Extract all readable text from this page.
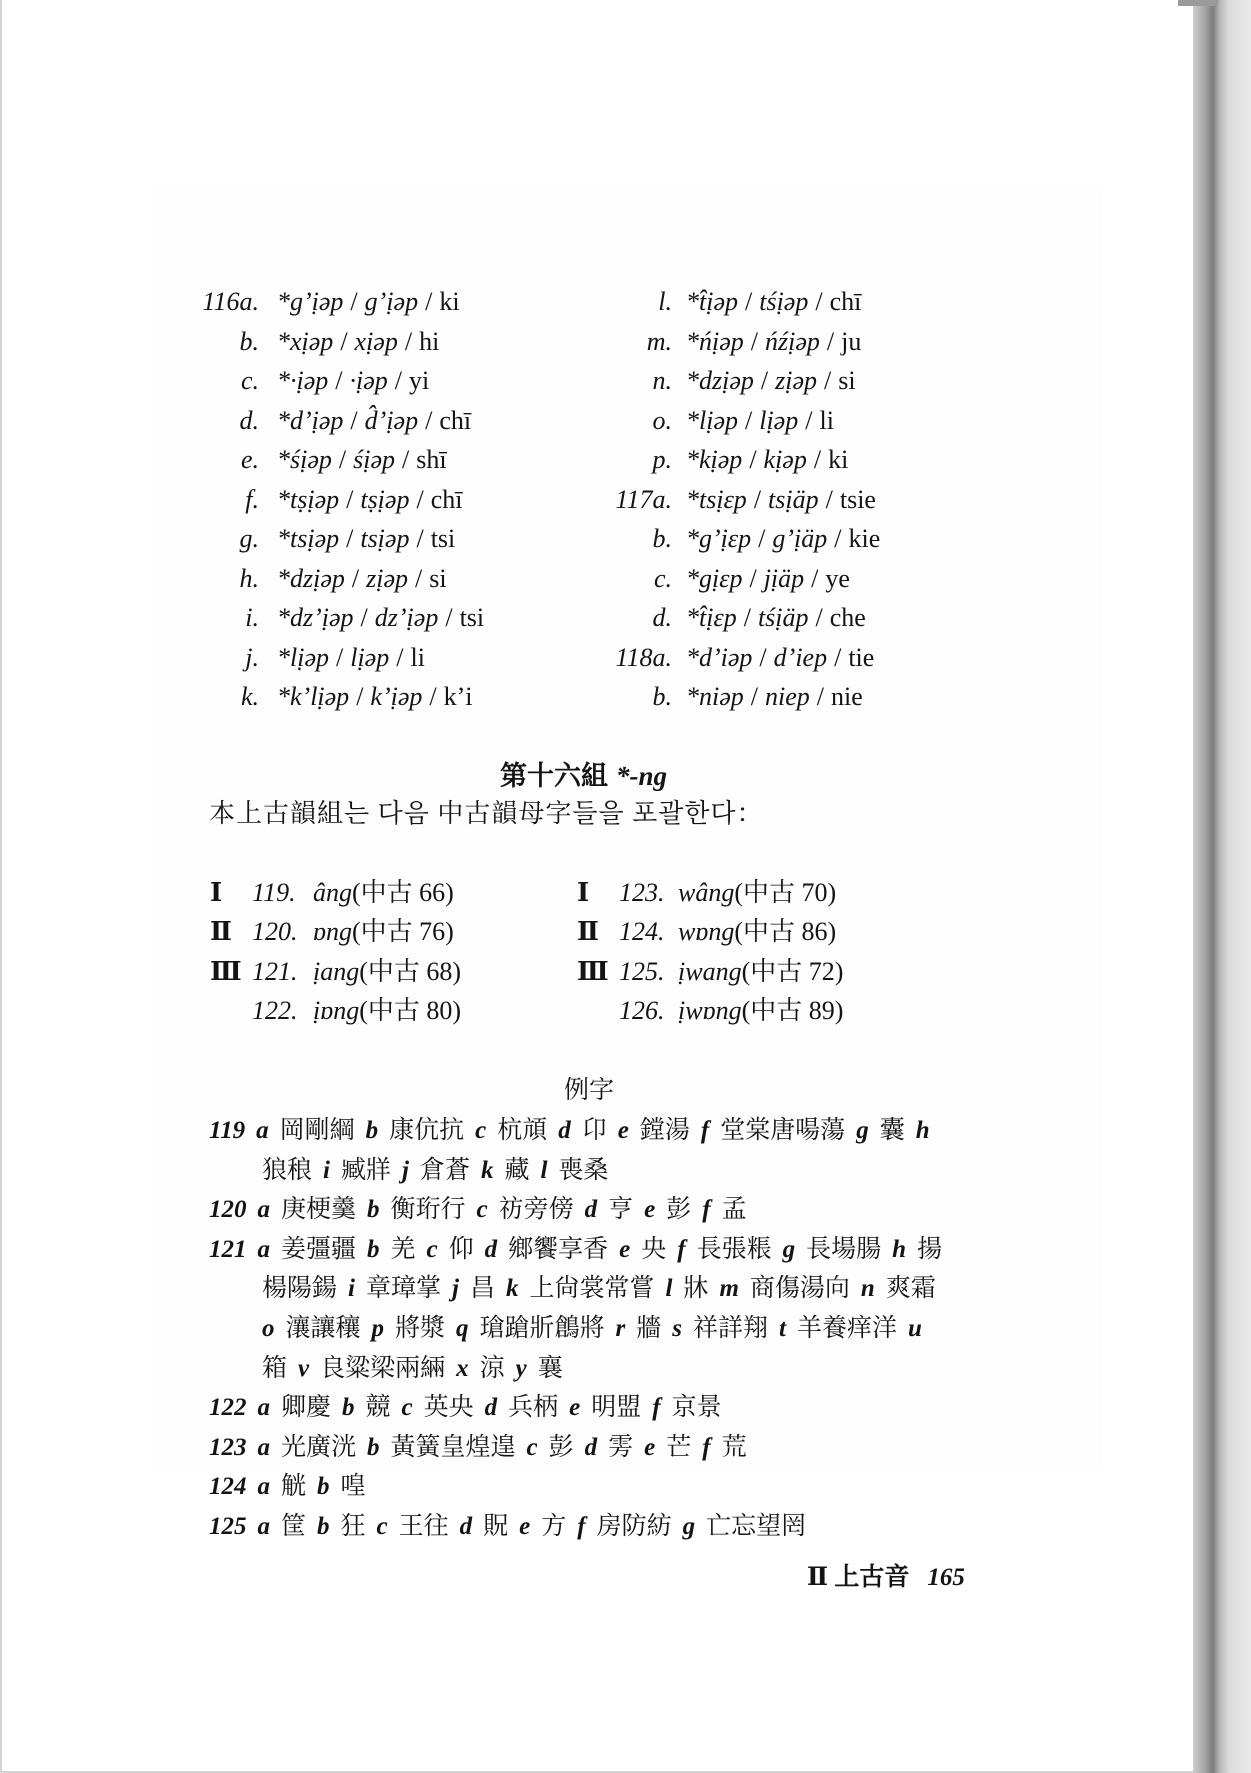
116a. *g’ịəp / g’ịəp / ki
b. *xịəp / xịəp / hi
c. *·ịəp / ·ịəp / yi
d. *d’ịəp / d̂’ịəp / chī
e. *śịəp / śịəp / shī
f. *tṣịəp / tṣịəp / chī
g. *tsịəp / tsịəp / tsi
h. *dzịəp / zịəp / si
i. *dz’ịəp / dz’ịəp / tsi
j. *lịəp / lịəp / li
k. *k’lịəp / k’ịəp / k’i
l. *t̂ịəp / tśịəp / chī
m. *ńịəp / ńźịəp / ju
n. *dzịəp / zịəp / si
o. *lịəp / lịəp / li
p. *kịəp / kịəp / ki
117a. *tsịɛp / tsịäp / tsie
b. *g’ịɛp / g’ịäp / kie
c. *gịɛp / jịäp / ye
d. *t̂ịɛp / tśịäp / che
118a. *d’iəp / d’iep / tie
b. *niəp / niep / nie
第十六組 *-ng
本上古韻組는 다음 中古韻母字들을 포괄한다：
Ⅰ	119. âng (中古 66)
Ⅱ 120. ɒng (中古 76)
Ⅲ 121. ịang (中古 68)
122. ịɒng (中古 80)
Ⅰ	123. wâng (中古 70)
Ⅱ 124. wɒng (中古 86)
Ⅲ 125. ịwang (中古 72)
126. ịwɒng (中古 89)
例字
119 a 岡剛綱 b 康伉抗 c 杭頏 d 卬 e 鏜湯 f 堂棠唐啺蕩 g 囊 h
狼稂 i 臧牂 j 倉蒼 k 藏 l 喪桑
120 a 庚梗羹 b 衡珩行 c 祊旁傍 d 亨 e 彭 f 孟
121 a 姜彊疆 b 羌 c 仰 d 鄉饗享香 e 央 f 長張粻 g 長場腸 h 揚
楊陽鍚 i 章璋掌 j 昌 k 上尙裳常嘗 l 牀 m 商傷湯向 n 爽霜
o 瀼讓穰 p 將漿 q 瑲蹌斨鶬將 r 牆 s 祥詳翔 t 羊養痒洋 u
箱 v 良粱梁兩緉 x 涼 y 襄
122 a 卿慶 b 競 c 英央 d 兵柄 e 明盟 f 京景
123 a 光廣洸 b 黃簧皇煌遑 c 彭 d 雱 e 芒 f 荒
124 a 觥 b 喤
125 a 筐 b 狂 c 王往 d 貺 e 方 f 房防紡 g 亡忘望罔
Ⅱ 上古音 165
